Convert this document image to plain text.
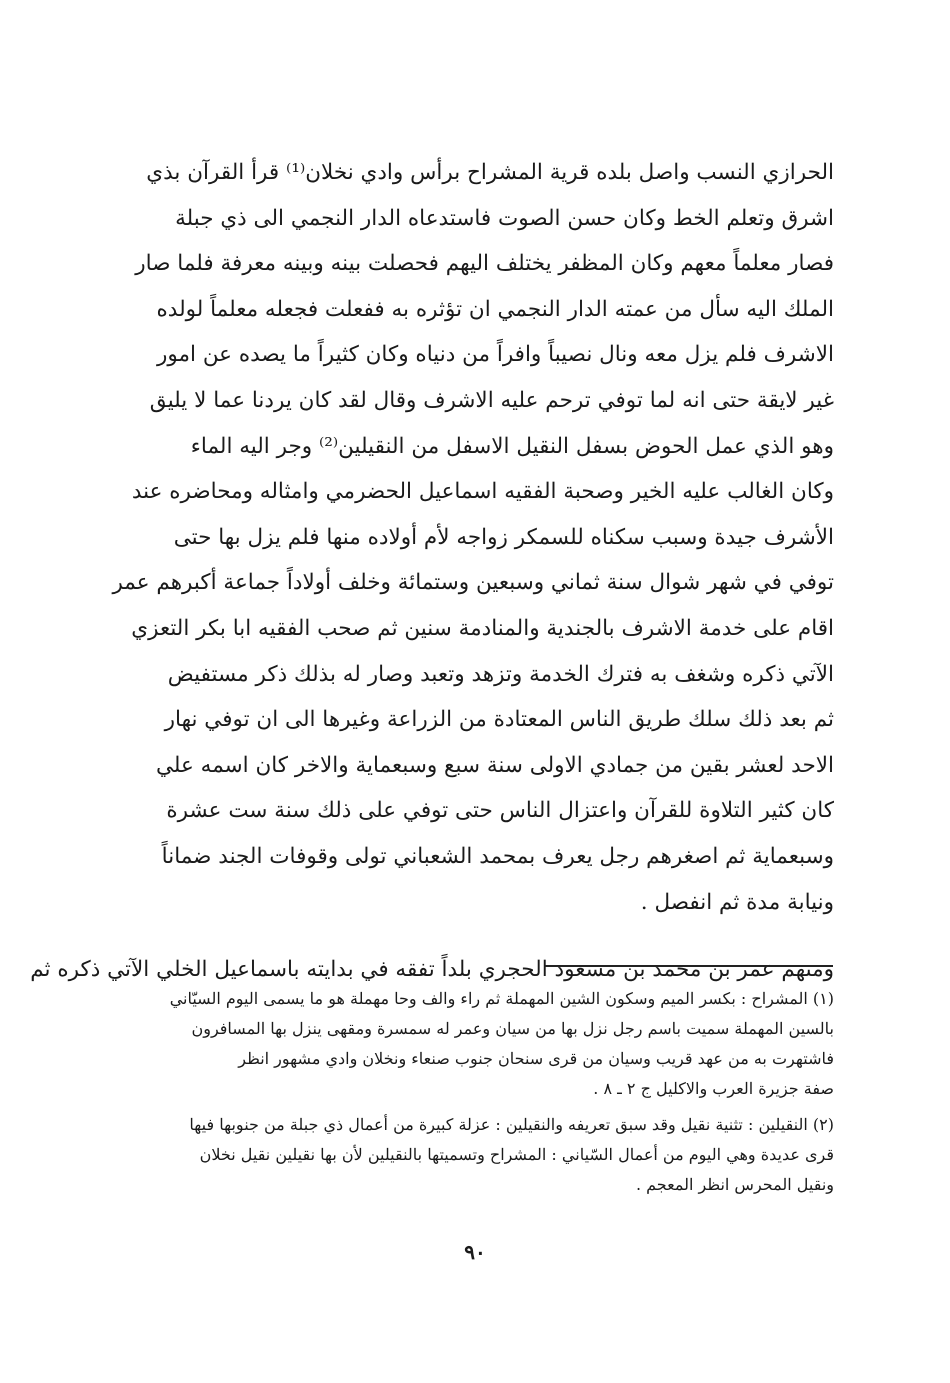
الحرازي النسب واصل بلده قرية المشراح برأس وادي نخلان⁽¹⁾ قرأ القرآن بذي
اشرق وتعلم الخط وكان حسن الصوت فاستدعاه الدار النجمي الى ذي جبلة
فصار معلماً معهم وكان المظفر يختلف اليهم فحصلت بينه وبينه معرفة فلما صار
الملك اليه سأل من عمته الدار النجمي ان تؤثره به ففعلت فجعله معلماً لولده
الاشرف فلم يزل معه ونال نصيباً وافراً من دنياه وكان كثيراً ما يصده عن امور
غير لايقة حتى انه لما توفي ترحم عليه الاشرف وقال لقد كان يردنا عما لا يليق
وهو الذي عمل الحوض بسفل النقيل الاسفل من النقيلين⁽²⁾ وجر اليه الماء
وكان الغالب عليه الخير وصحبة الفقيه اسماعيل الحضرمي وامثاله ومحاضره عند
الأشرف جيدة وسبب سكناه للسمكر زواجه لأم أولاده منها فلم يزل بها حتى
توفي في شهر شوال سنة ثماني وسبعين وستمائة وخلف أولاداً جماعة أكبرهم عمر
اقام على خدمة الاشرف بالجندية والمنادمة سنين ثم صحب الفقيه ابا بكر التعزي
الآتي ذكره وشغف به فترك الخدمة وتزهد وتعبد وصار له بذلك ذكر مستفيض
ثم بعد ذلك سلك طريق الناس المعتادة من الزراعة وغيرها الى ان توفي نهار
الاحد لعشر بقين من جمادي الاولى سنة سبع وسبعماية والاخر كان اسمه علي
كان كثير التلاوة للقرآن واعتزال الناس حتى توفي على ذلك سنة ست عشرة
وسبعماية ثم اصغرهم رجل يعرف بمحمد الشعباني تولى وقوفات الجند ضماناً
ونيابة مدة ثم انفصل .
ومنهم عمر بن محمد بن مسعود الحجري بلداً تفقه في بدايته باسماعيل الخلي الآتي ذكره ثم
(١) المشراح : بكسر الميم وسكون الشين المهملة ثم راء والف وحا مهملة هو ما يسمى اليوم السيّاني
بالسين المهملة سميت باسم رجل نزل بها من سيان وعمر له سمسرة ومقهى ينزل بها المسافرون
فاشتهرت به من عهد قريب وسيان من قرى سنحان جنوب صنعاء ونخلان وادي مشهور انظر
صفة جزيرة العرب والاكليل ج ٢ ـ ٨ .
(٢) النقيلين : تثنية نقيل وقد سبق تعريفه والنقيلين : عزلة كبيرة من أعمال ذي جبلة من جنوبها فيها
قرى عديدة وهي اليوم من أعمال السّياني : المشراح وتسميتها بالنقيلين لأن بها نقيلين نقيل نخلان
ونقيل المحرس انظر المعجم .
٩٠
